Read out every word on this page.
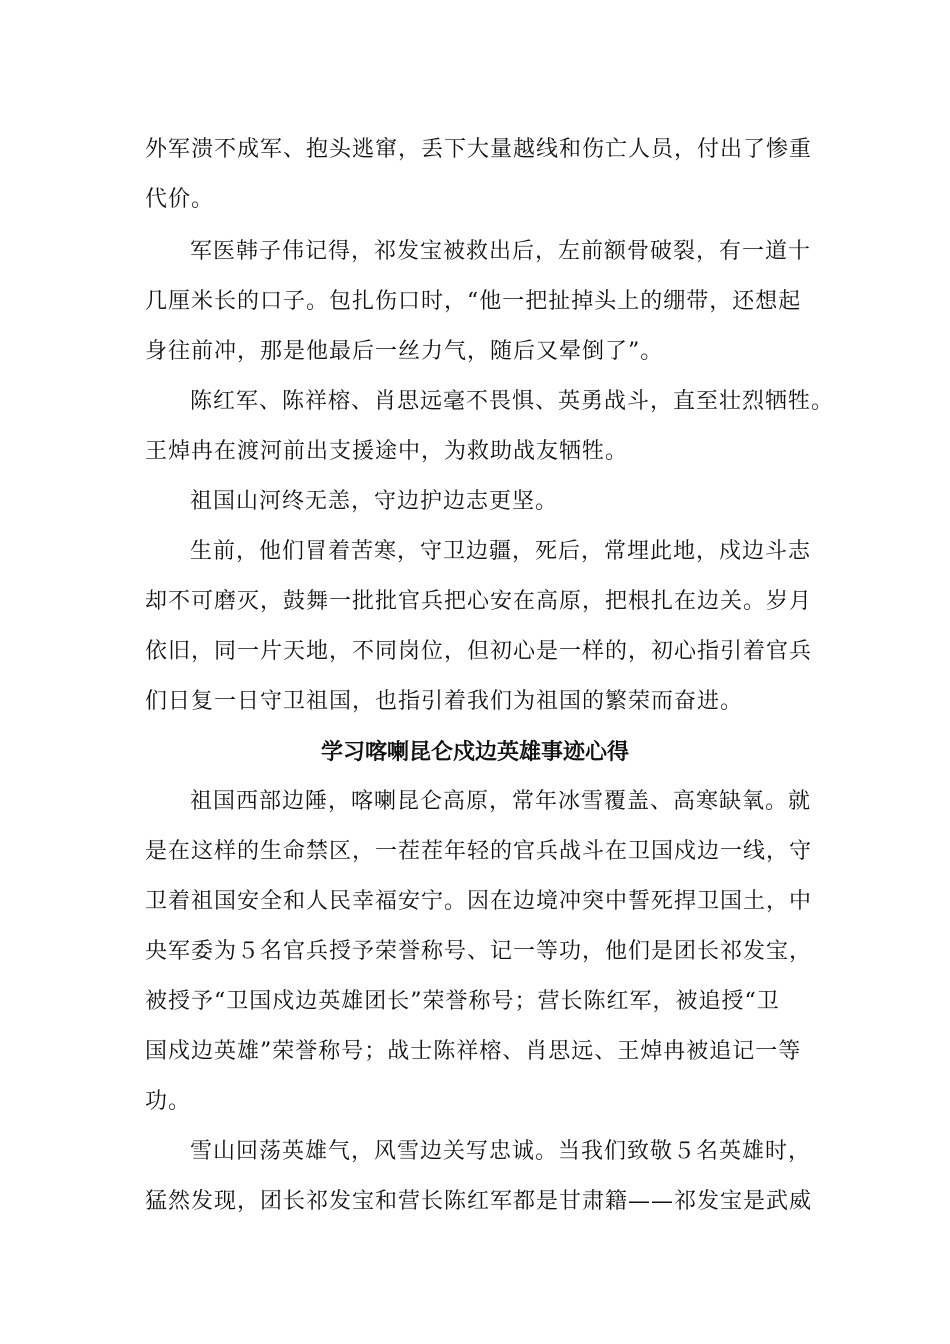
外军溃不成军、抱头逃窜，丢下大量越线和伤亡人员，付出了惨重
代价。
军医韩子伟记得，祁发宝被救出后，左前额骨破裂，有一道十
几厘米长的口子。包扎伤口时，“他一把扯掉头上的绷带，还想起
身往前冲，那是他最后一丝力气，随后又晕倒了”。
陈红军、陈祥榕、肖思远毫不畏惧、英勇战斗，直至壮烈牺牲。
王焯冉在渡河前出支援途中，为救助战友牺牲。
祖国山河终无恙，守边护边志更坚。
生前，他们冒着苦寒，守卫边疆，死后，常埋此地，戍边斗志
却不可磨灭，鼓舞一批批官兵把心安在高原，把根扎在边关。岁月
依旧，同一片天地，不同岗位，但初心是一样的，初心指引着官兵
们日复一日守卫祖国，也指引着我们为祖国的繁荣而奋进。
学习喀喇昆仑戍边英雄事迹心得
祖国西部边陲，喀喇昆仑高原，常年冰雪覆盖、高寒缺氧。就
是在这样的生命禁区，一茬茬年轻的官兵战斗在卫国戍边一线，守
卫着祖国安全和人民幸福安宁。因在边境冲突中誓死捍卫国土，中
央军委为５名官兵授予荣誉称号、记一等功，他们是团长祁发宝，
被授予“卫国戍边英雄团长”荣誉称号；营长陈红军，被追授“卫
国戍边英雄”荣誉称号；战士陈祥榕、肖思远、王焯冉被追记一等
功。
雪山回荡英雄气，风雪边关写忠诚。当我们致敬５名英雄时，
猛然发现，团长祁发宝和营长陈红军都是甘肃籍——祁发宝是武威
